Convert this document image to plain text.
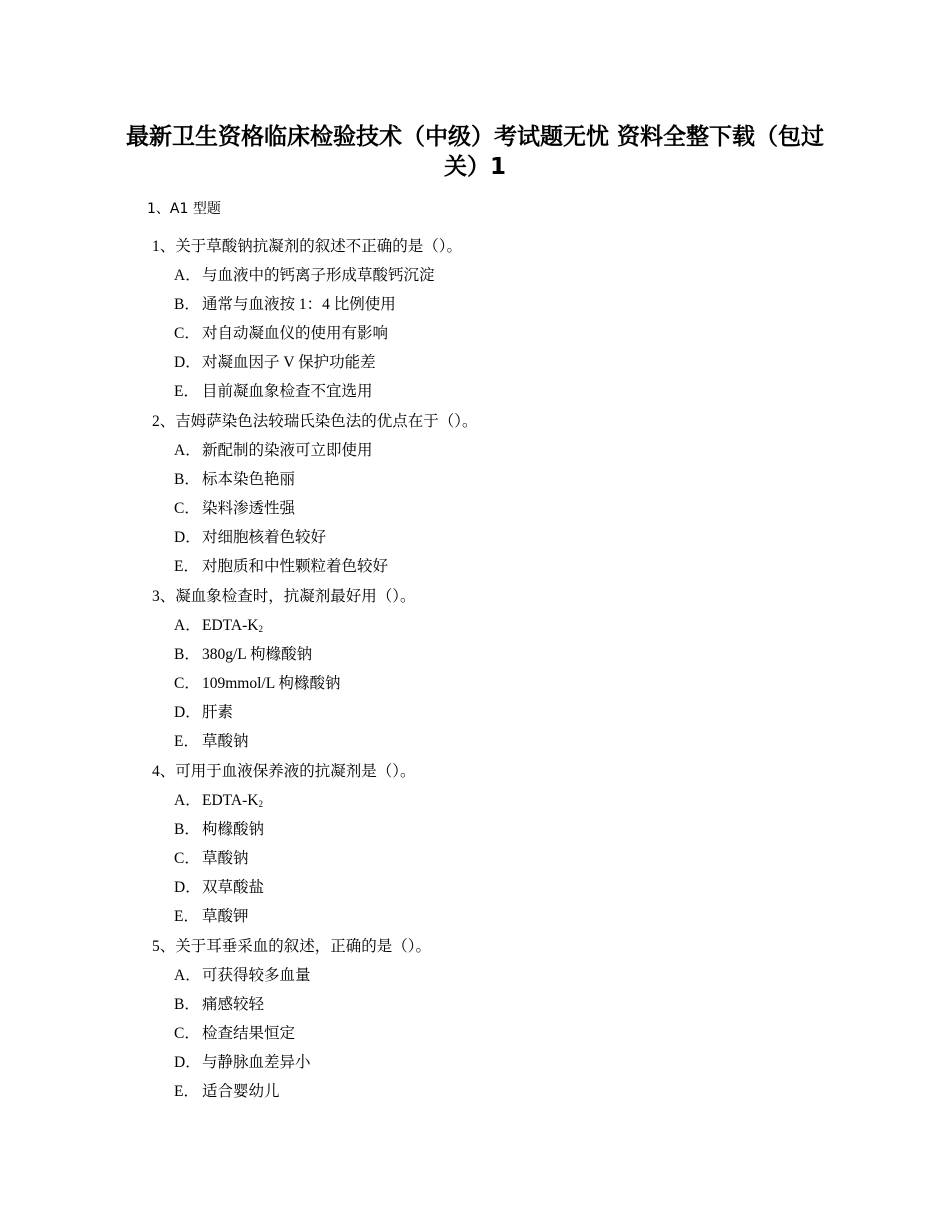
最新卫生资格临床检验技术（中级）考试题无忧 资料全整下载（包过关）1
1、A1 型题
1、关于草酸钠抗凝剂的叙述不正确的是（）。
A．与血液中的钙离子形成草酸钙沉淀
B． 通常与血液按 1：4 比例使用
C． 对自动凝血仪的使用有影响
D．对凝血因子 V 保护功能差
E． 目前凝血象检查不宜选用
2、吉姆萨染色法较瑞氏染色法的优点在于（）。
A．新配制的染液可立即使用
B． 标本染色艳丽
C． 染料渗透性强
D．对细胞核着色较好
E． 对胞质和中性颗粒着色较好
3、凝血象检查时，抗凝剂最好用（）。
A．EDTA-$K_2$
B． 380g/L 枸橼酸钠
C． 109mmol/L 枸橼酸钠
D．肝素
E． 草酸钠
4、可用于血液保养液的抗凝剂是（）。
A．EDTA-$K_2$
B． 枸橼酸钠
C． 草酸钠
D．双草酸盐
E． 草酸钾
5、关于耳垂采血的叙述，正确的是（）。
A．可获得较多血量
B． 痛感较轻
C． 检查结果恒定
D．与静脉血差异小
E． 适合婴幼儿
